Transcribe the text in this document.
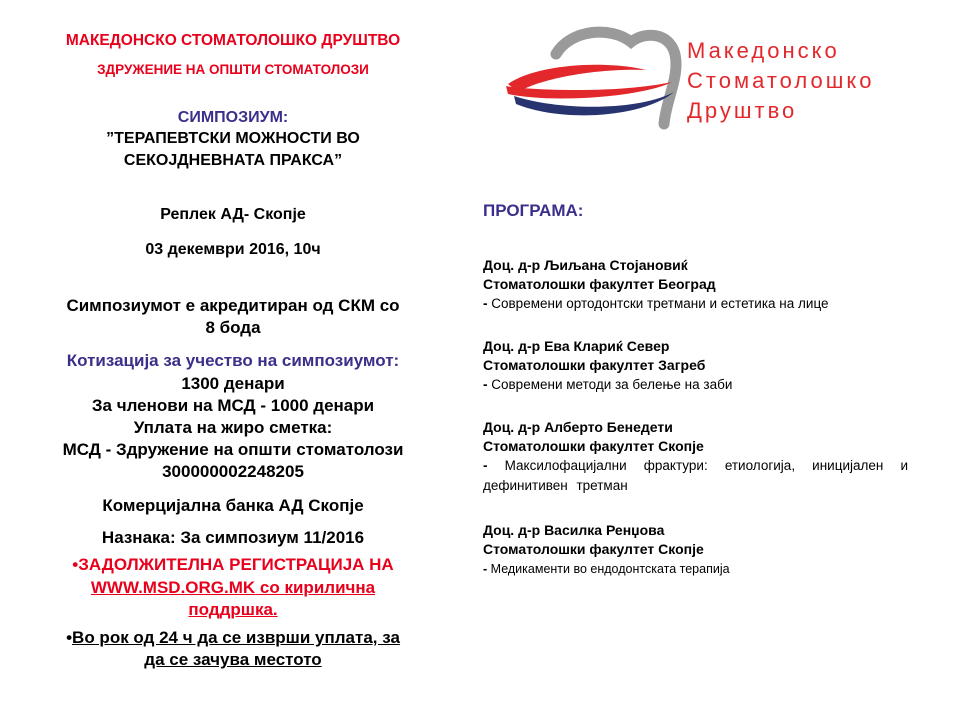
МАКЕДОНСКО СТОМАТОЛОШКО ДРУШТВО
ЗДРУЖЕНИЕ НА ОПШТИ СТОМАТОЛОЗИ
СИМПОЗИУМ:
”ТЕРАПЕВТСКИ МОЖНОСТИ ВО
СЕКОЈДНЕВНАТА ПРАКСА”
Реплек АД- Скопје
03 декември 2016, 10ч
Симпозиумот е акредитиран од СКМ со
8 бода
Котизација за учество на симпозиумот:
1300 денари
За членови на МСД - 1000 денари
Уплата на жиро сметка:
МСД - Здружение на општи стоматолози
300000002248205
Комерцијална банка АД Скопје
Назнака: За симпозиум 11/2016
•ЗАДОЛЖИТЕЛНА РЕГИСТРАЦИЈА НА
WWW.MSD.ORG.MK со кирилична
поддршка.
•Во рок од 24 ч да се изврши уплата, за
да се зачува местото
Македонско
Стоматолошко
Друштво
ПРОГРАМА:
Доц. д-р Љиљана Стојановиќ
Стоматолошки факултет Београд
- Современи ортодонтски третмани и естетика на лице
Доц. д-р Ева Клариќ Север
Стоматолошки факултет Загреб
- Современи методи за белење на заби
Доц. д-р Алберто Бенедети
Стоматолошки факултет Скопје
- Максилофацијални фрактури: етиологија, иницијален и дефинитивен третман
Доц. д-р Василка Ренџова
Стоматолошки факултет Скопје
- Медикаменти во ендодонтската терапија
